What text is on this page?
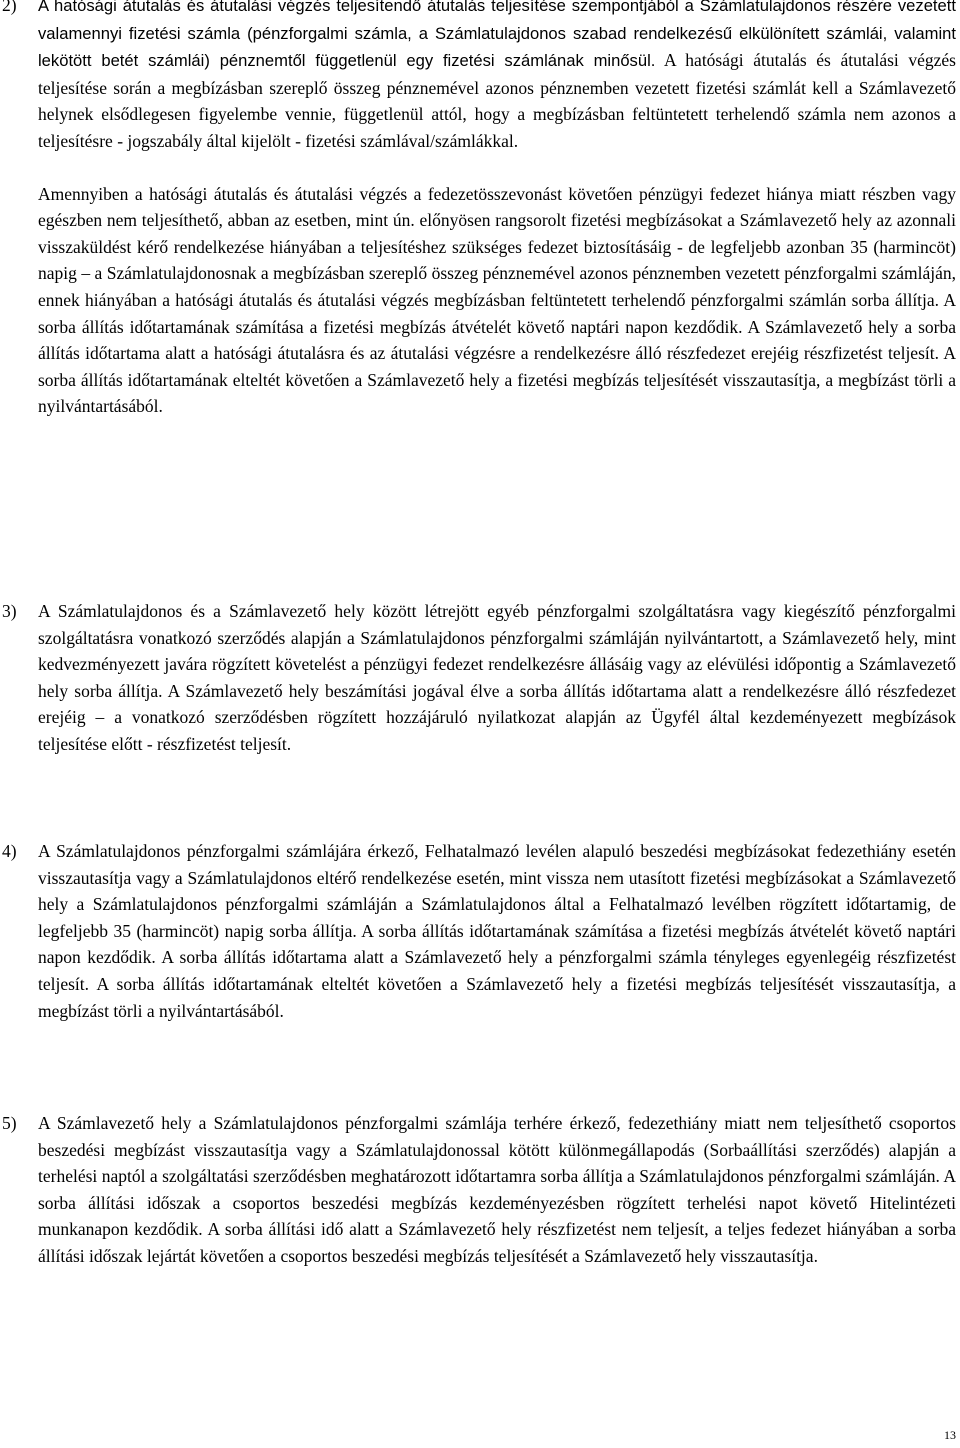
2) A hatósági átutalás és átutalási végzés teljesítendő átutalás teljesítése szempontjából a Számlatulajdonos részére vezetett valamennyi fizetési számla (pénzforgalmi számla, a Számlatulajdonos szabad rendelkezésű elkülönített számlái, valamint lekötött betét számlái) pénznemtől függetlenül egy fizetési számlának minősül. A hatósági átutalás és átutalási végzés teljesítése során a megbízásban szereplő összeg pénznemével azonos pénznemben vezetett fizetési számlát kell a Számlavezető helynek elsődlegesen figyelembe vennie, függetlenül attól, hogy a megbízásban feltüntetett terhelendő számla nem azonos a teljesítésre - jogszabály által kijelölt - fizetési számlával/számlákkal.

Amennyiben a hatósági átutalás és átutalási végzés a fedezetösszevonást követően pénzügyi fedezet hiánya miatt részben vagy egészben nem teljesíthető, abban az esetben, mint ún. előnyösen rangsorolt fizetési megbízásokat a Számlavezető hely az azonnali visszaküldést kérő rendelkezése hiányában a teljesítéshez szükséges fedezet biztosításáig - de legfeljebb azonban 35 (harmincöt) napig – a Számlatulajdonosnak a megbízásban szereplő összeg pénznemével azonos pénznemben vezetett pénzforgalmi számláján, ennek hiányában a hatósági átutalás és átutalási végzés megbízásban feltüntetett terhelendő pénzforgalmi számlán sorba állítja. A sorba állítás időtartamának számítása a fizetési megbízás átvételét követő naptári napon kezdődik. A Számlavezető hely a sorba állítás időtartama alatt a hatósági átutalásra és az átutalási végzésre a rendelkezésre álló részfedezet erejéig részfizetést teljesít. A sorba állítás időtartamának elteltét követően a Számlavezető hely a fizetési megbízás teljesítését visszautasítja, a megbízást törli a nyilvántartásából.

3) A Számlatulajdonos és a Számlavezető hely között létrejött egyéb pénzforgalmi szolgáltatásra vagy kiegészítő pénzforgalmi szolgáltatásra vonatkozó szerződés alapján a Számlatulajdonos pénzforgalmi számláján nyilvántartott, a Számlavezető hely, mint kedvezményezett javára rögzített követelést a pénzügyi fedezet rendelkezésre állásáig vagy az elévülési időpontig a Számlavezető hely sorba állítja. A Számlavezető hely beszámítási jogával élve a sorba állítás időtartama alatt a rendelkezésre álló részfedezet erejéig – a vonatkozó szerződésben rögzített hozzájáruló nyilatkozat alapján az Ügyfél által kezdeményezett megbízások teljesítése előtt - részfizetést teljesít.

4) A Számlatulajdonos pénzforgalmi számlájára érkező, Felhatalmazó levélen alapuló beszedési megbízásokat fedezethiány esetén visszautasítja vagy a Számlatulajdonos eltérő rendelkezése esetén, mint vissza nem utasított fizetési megbízásokat a Számlavezető hely a Számlatulajdonos pénzforgalmi számláján a Számlatulajdonos által a Felhatalmazó levélben rögzített időtartamig, de legfeljebb 35 (harmincöt) napig sorba állítja. A sorba állítás időtartamának számítása a fizetési megbízás átvételét követő naptári napon kezdődik. A sorba állítás időtartama alatt a Számlavezető hely a pénzforgalmi számla tényleges egyenlegéig részfizetést teljesít. A sorba állítás időtartamának elteltét követően a Számlavezető hely a fizetési megbízás teljesítését visszautasítja, a megbízást törli a nyilvántartásából.

5) A Számlavezető hely a Számlatulajdonos pénzforgalmi számlája terhére érkező, fedezethiány miatt nem teljesíthető csoportos beszedési megbízást visszautasítja vagy a Számlatulajdonossal kötött különmegállapodás (Sorbaállítási szerződés) alapján a terhelési naptól a szolgáltatási szerződésben meghatározott időtartamra sorba állítja a Számlatulajdonos pénzforgalmi számláján. A sorba állítási időszak a csoportos beszedési megbízás kezdeményezésben rögzített terhelési napot követő Hitelintézeti munkanapon kezdődik. A sorba állítási idő alatt a Számlavezető hely részfizetést nem teljesít, a teljes fedezet hiányában a sorba állítási időszak lejártát követően a csoportos beszedési megbízás teljesítését a Számlavezető hely visszautasítja.

13
